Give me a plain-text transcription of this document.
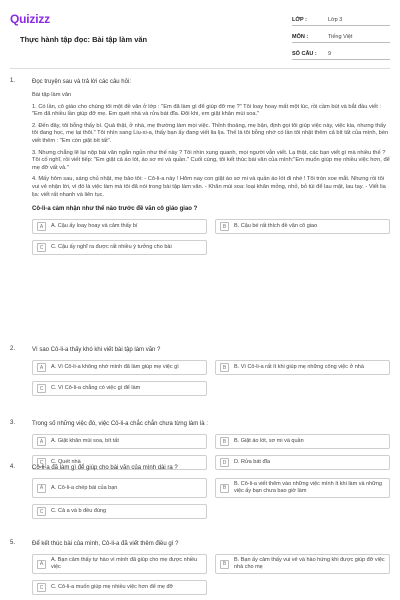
Quizizz
Thực hành tập đọc: Bài tập làm văn
LỚP :	Lớp 3
MÔN :	Tiếng Việt
SỐ CÂU :	9
1.	Đọc truyện sau và trả lời các câu hỏi:

Bài tập làm văn

1. Có lần, cô giáo cho chúng tôi một đề văn ở lớp : "Em đã làm gì để giúp đỡ mẹ ?" Tôi loay hoay mất một lúc, rồi cầm bút và bắt đầu viết : "Em đã nhiều lần giúp đỡ mẹ. Em quét nhà và rửa bát đĩa. Đôi khi, em giặt khăn mùi soa."

2. Đến đây, tôi bỗng thấy bí. Quả thật, ở nhà, mẹ thường làm mọi việc. Thỉnh thoảng, mẹ bận, định gọi tôi giúp việc này, việc kia, nhưng thấy tôi đang học, mẹ lại thôi." Tôi nhìn sang Liu-xi-a, thấy bạn ấy đang viết lia lịa. Thế là tôi bỗng nhớ có lần tôi nhặt thêm cả bít tất của mình, bèn viết thêm : "Em còn giặt bít tất".

3. Nhưng chẳng lẽ lại nộp bài văn ngắn ngủn như thế này ? Tôi nhìn xung quanh, mọi người vẫn viết. Lạ thật, các bạn viết gì mà nhiều thế ? Tôi cố nghĩ, rồi viết tiếp: "Em giặt cả áo lót, áo sơ mi và quần." Cuối cùng, tôi kết thúc bài văn của mình:"Em muốn giúp mẹ nhiều việc hơn, để mẹ đỡ vất vả."

4. Mấy hôm sau, sáng chủ nhật, mẹ bảo tôi: - Cô-li-a này ! Hôm nay con giặt áo sơ mi và quần áo lót đi nhé ! Tôi tròn xoe mắt. Nhưng rồi tôi vui vẻ nhận lời, vì đó là việc làm mà tôi đã nói trong bài tập làm văn. - Khăn mùi soa: loại khăn mỏng, nhỏ, bỏ túi để lau mặt, lau tay. - Viết lia lịa: viết rất nhanh và liên tục.

Cô-li-a cảm nhận như thế nào trước đề văn cô giáo giao ?
A	A. Cậu ấy loay hoay và cảm thấy bí	B	B. Cậu bé rất thích đề văn cô giao
C	C. Cậu ấy nghĩ ra được rất nhiều ý tưởng cho bài
2.	Vì sao Cô-li-a thấy khó khi viết bài tập làm văn ?
A	A. Vì Cô-li-a không nhớ mình đã làm giúp mẹ việc gì	B	B. Vì Cô-li-a rất ít khi giúp mẹ những công việc ở nhà
C	C. Vì Cô-li-a chẳng có việc gì để làm
3.	Trong số những việc đó, việc Cô-li-a chắc chắn chưa từng làm là :
A	A. Giặt khăn mùi soa, bít tất	B	B. Giặt áo lót, sơ mi và quần
C	C. Quét nhà	D	D. Rửa bát đĩa
4.	Cô-li-a đã làm gì để giúp cho bài văn của mình dài ra ?
A	A. Cô-li-a chép bài của bạn	B
B. Cô-li-a viết thêm vào những việc mình ít khi làm và những việc ấy bạn chưa bao giờ làm
C	C. Cả a và b đều đúng
5.	Để kết thúc bài của mình, Cô-li-a đã viết thêm điều gì ?
A
A. Bạn cảm thấy tự hào vì mình đã giúp cho mẹ được nhiều việc	B
B. Bạn ấy cảm thấy vui vẻ và hào hứng khi được giúp đỡ việc nhà cho mẹ
C	C. Cô-li-a muốn giúp mẹ nhiều việc hơn để mẹ đỡ
